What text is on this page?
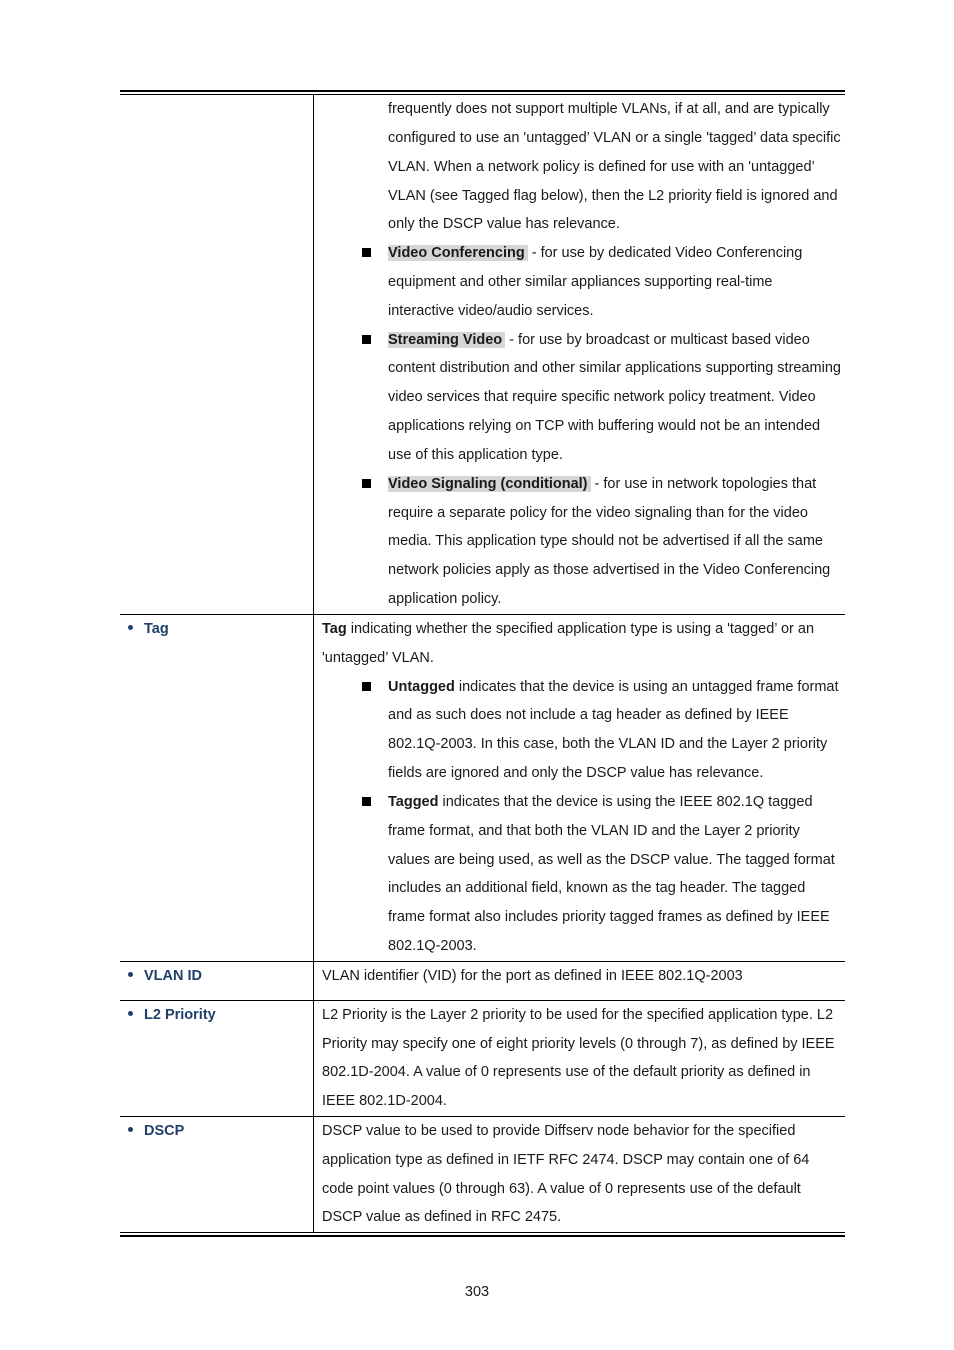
frequently does not support multiple VLANs, if at all, and are typically
configured to use an 'untagged’ VLAN or a single 'tagged’ data specific
VLAN. When a network policy is defined for use with an 'untagged’
VLAN (see Tagged flag below), then the L2 priority field is ignored and
only the DSCP value has relevance.
Video Conferencing - for use by dedicated Video Conferencing
equipment and other similar appliances supporting real-time
interactive video/audio services.
Streaming Video - for use by broadcast or multicast based video
content distribution and other similar applications supporting streaming
video services that require specific network policy treatment. Video
applications relying on TCP with buffering would not be an intended
use of this application type.
Video Signaling (conditional) - for use in network topologies that
require a separate policy for the video signaling than for the video
media. This application type should not be advertised if all the same
network policies apply as those advertised in the Video Conferencing
application policy.
Tag	Tag indicating whether the specified application type is using a 'tagged’ or an
'untagged’ VLAN.
Untagged indicates that the device is using an untagged frame format
and as such does not include a tag header as defined by IEEE
802.1Q-2003. In this case, both the VLAN ID and the Layer 2 priority
fields are ignored and only the DSCP value has relevance.
Tagged indicates that the device is using the IEEE 802.1Q tagged
frame format, and that both the VLAN ID and the Layer 2 priority
values are being used, as well as the DSCP value. The tagged format
includes an additional field, known as the tag header. The tagged
frame format also includes priority tagged frames as defined by IEEE
802.1Q-2003.
VLAN ID	VLAN identifier (VID) for the port as defined in IEEE 802.1Q-2003
L2 Priority	L2 Priority is the Layer 2 priority to be used for the specified application type. L2
Priority may specify one of eight priority levels (0 through 7), as defined by IEEE
802.1D-2004. A value of 0 represents use of the default priority as defined in
IEEE 802.1D-2004.
DSCP	DSCP value to be used to provide Diffserv node behavior for the specified
application type as defined in IETF RFC 2474. DSCP may contain one of 64
code point values (0 through 63). A value of 0 represents use of the default
DSCP value as defined in RFC 2475.
303
